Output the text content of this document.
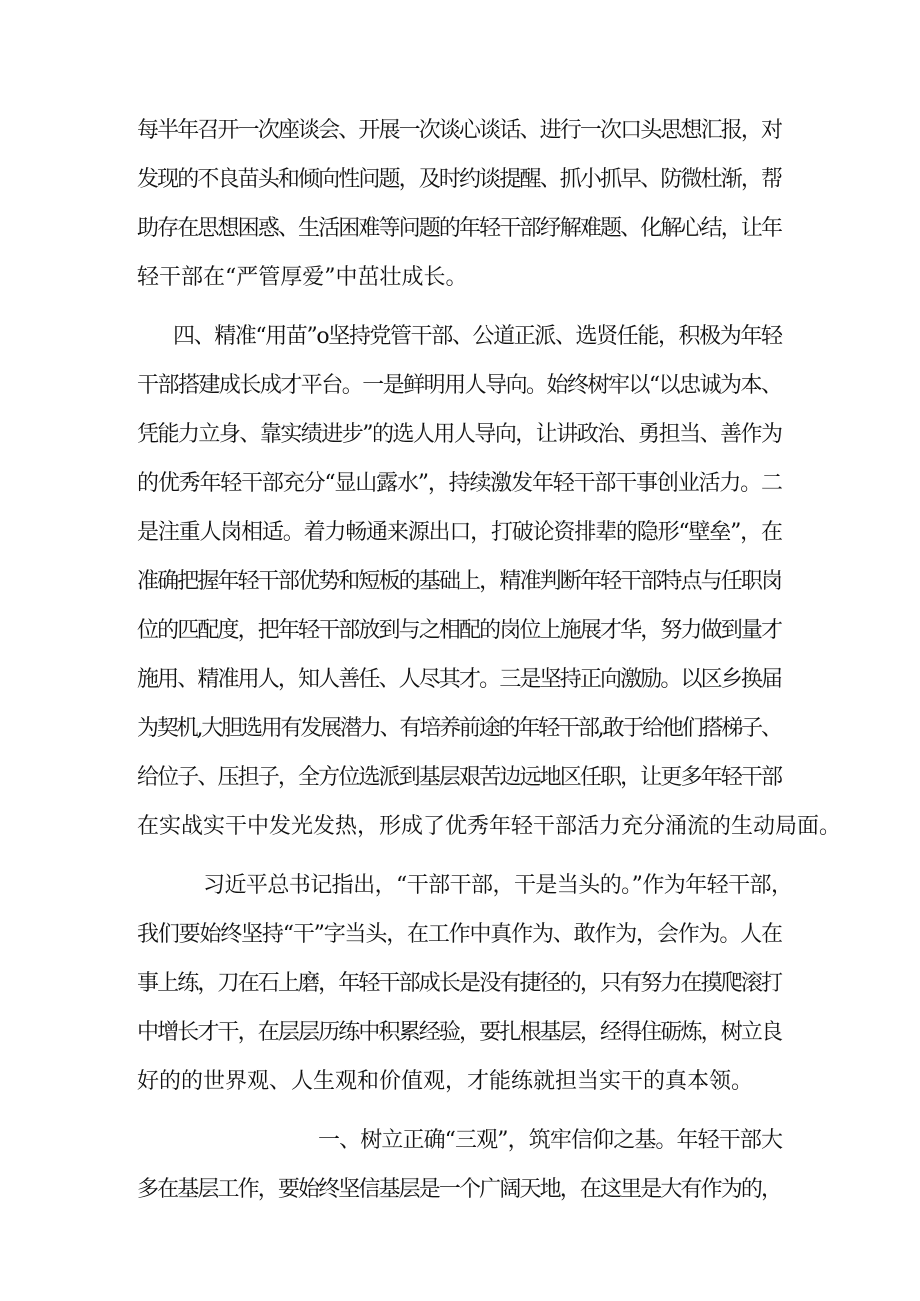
每半年召开一次座谈会、开展一次谈心谈话、进行一次口头思想汇报，对
发现的不良苗头和倾向性问题，及时约谈提醒、抓小抓早、防微杜渐，帮
助存在思想困惑、生活困难等问题的年轻干部纾解难题、化解心结，让年
轻干部在“严管厚爱”中茁壮成长。
四、精准“用苗”o坚持党管干部、公道正派、选贤任能，积极为年轻
干部搭建成长成才平台。一是鲜明用人导向。始终树牢以“以忠诚为本、
凭能力立身、靠实绩进步”的选人用人导向，让讲政治、勇担当、善作为
的优秀年轻干部充分“显山露水”，持续激发年轻干部干事创业活力。二
是注重人岗相适。着力畅通来源出口，打破论资排辈的隐形“壁垒”，在
准确把握年轻干部优势和短板的基础上，精准判断年轻干部特点与任职岗
位的匹配度，把年轻干部放到与之相配的岗位上施展才华，努力做到量才
施用、精准用人，知人善任、人尽其才。三是坚持正向激励。以区乡换届
为契机,大胆选用有发展潜力、有培养前途的年轻干部,敢于给他们搭梯子、
给位子、压担子，全方位选派到基层艰苦边远地区任职，让更多年轻干部
在实战实干中发光发热，形成了优秀年轻干部活力充分涌流的生动局面。
习近平总书记指出，“干部干部，干是当头的。”作为年轻干部，
我们要始终坚持“干”字当头，在工作中真作为、敢作为，会作为。人在
事上练，刀在石上磨，年轻干部成长是没有捷径的，只有努力在摸爬滚打
中增长才干，在层层历练中积累经验，要扎根基层，经得住砺炼，树立良
好的的世界观、人生观和价值观，才能练就担当实干的真本领。
一、树立正确“三观”，筑牢信仰之基。年轻干部大
多在基层工作，要始终坚信基层是一个广阔天地，在这里是大有作为的，
